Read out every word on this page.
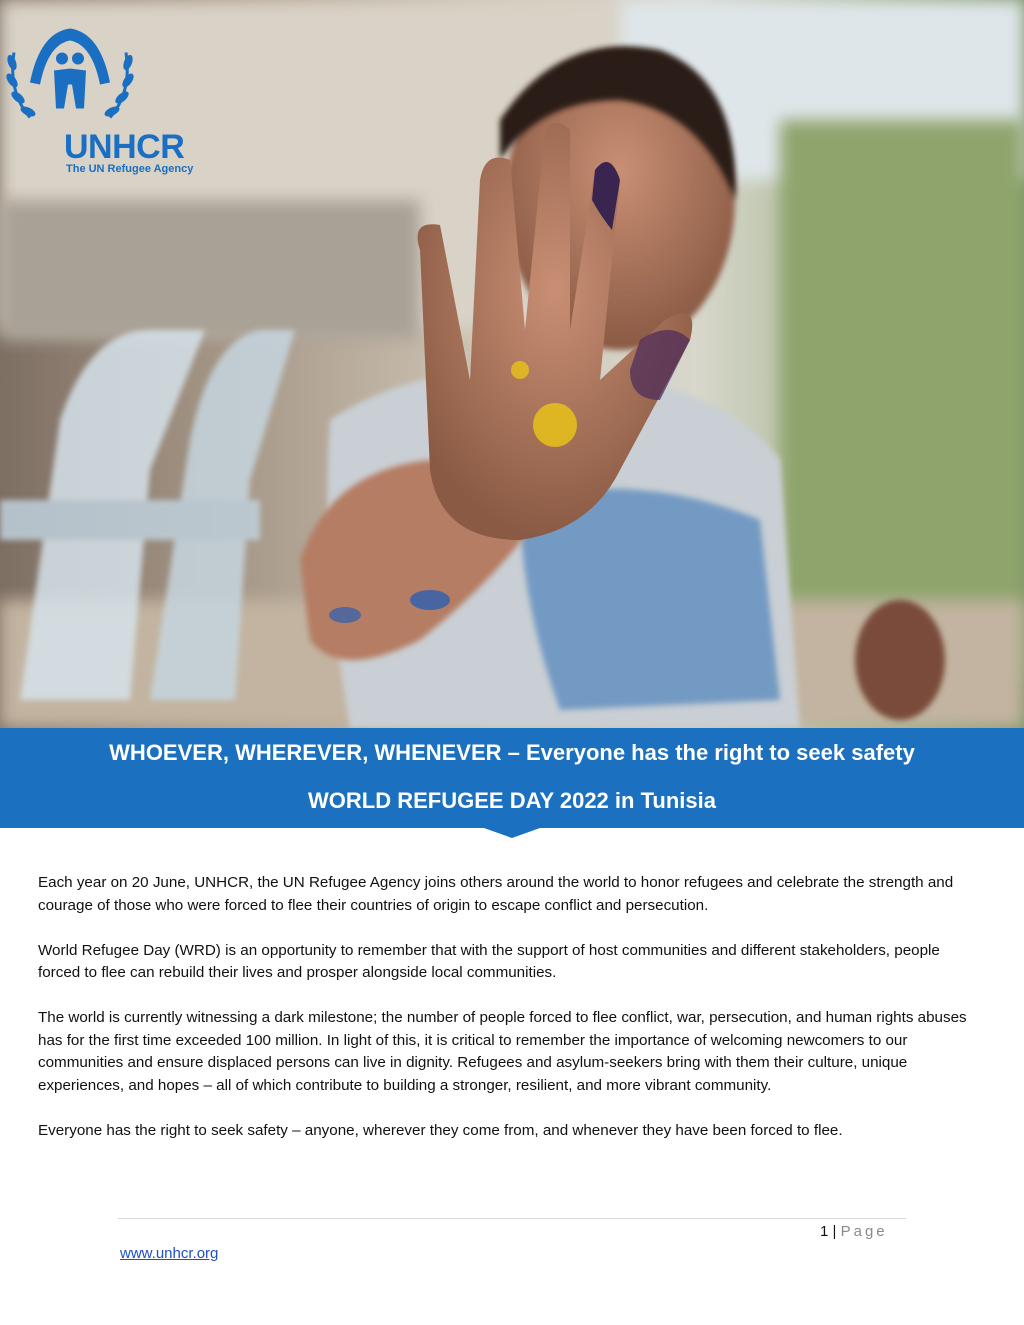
UNHCR
The UN Refugee Agency
WHOEVER, WHEREVER, WHENEVER – Everyone has the right to seek safety
WORLD REFUGEE DAY 2022 in Tunisia

Each year on 20 June, UNHCR, the UN Refugee Agency joins others around the world to honor refugees and celebrate the strength and courage of those who were forced to flee their countries of origin to escape conflict and persecution.

World Refugee Day (WRD) is an opportunity to remember that with the support of host communities and different stakeholders, people forced to flee can rebuild their lives and prosper alongside local communities.

The world is currently witnessing a dark milestone; the number of people forced to flee conflict, war, persecution, and human rights abuses has for the first time exceeded 100 million. In light of this, it is critical to remember the importance of welcoming newcomers to our communities and ensure displaced persons can live in dignity. Refugees and asylum-seekers bring with them their culture, unique experiences, and hopes – all of which contribute to building a stronger, resilient, and more vibrant community.

Everyone has the right to seek safety – anyone, wherever they come from, and whenever they have been forced to flee.

1 | Page
www.unhcr.org
